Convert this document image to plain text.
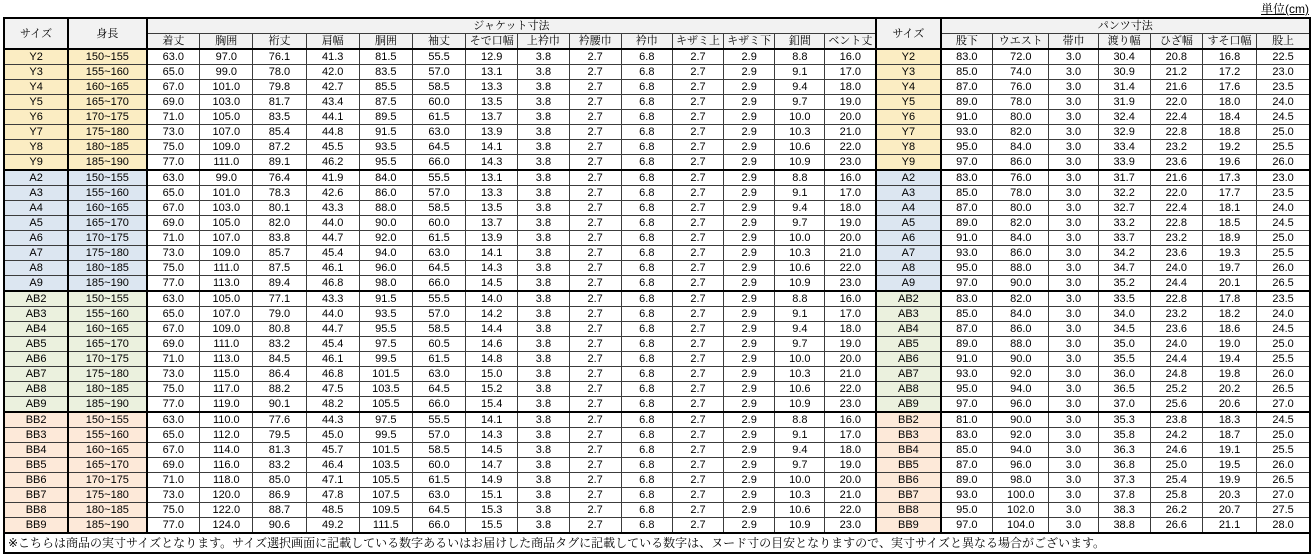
単位(cm)
サイズ	身長	ジャケット寸法														サイズ	パンツ寸法						
		着丈	胸囲	裄丈	肩幅	胴囲	袖丈	そで口幅	上衿巾	衿腰巾	衿巾	キザミ上	キザミ下	釦間	ベント丈		股下	ウエスト	帯巾	渡り幅	ひざ幅	すそ口幅	股上
Y2	150~155	63.0	97.0	76.1	41.3	81.5	55.5	12.9	3.8	2.7	6.8	2.7	2.9	8.8	16.0	Y2	83.0	72.0	3.0	30.4	20.8	16.8	22.5
Y3	155~160	65.0	99.0	78.0	42.0	83.5	57.0	13.1	3.8	2.7	6.8	2.7	2.9	9.1	17.0	Y3	85.0	74.0	3.0	30.9	21.2	17.2	23.0
Y4	160~165	67.0	101.0	79.8	42.7	85.5	58.5	13.3	3.8	2.7	6.8	2.7	2.9	9.4	18.0	Y4	87.0	76.0	3.0	31.4	21.6	17.6	23.5
Y5	165~170	69.0	103.0	81.7	43.4	87.5	60.0	13.5	3.8	2.7	6.8	2.7	2.9	9.7	19.0	Y5	89.0	78.0	3.0	31.9	22.0	18.0	24.0
Y6	170~175	71.0	105.0	83.5	44.1	89.5	61.5	13.7	3.8	2.7	6.8	2.7	2.9	10.0	20.0	Y6	91.0	80.0	3.0	32.4	22.4	18.4	24.5
Y7	175~180	73.0	107.0	85.4	44.8	91.5	63.0	13.9	3.8	2.7	6.8	2.7	2.9	10.3	21.0	Y7	93.0	82.0	3.0	32.9	22.8	18.8	25.0
Y8	180~185	75.0	109.0	87.2	45.5	93.5	64.5	14.1	3.8	2.7	6.8	2.7	2.9	10.6	22.0	Y8	95.0	84.0	3.0	33.4	23.2	19.2	25.5
Y9	185~190	77.0	111.0	89.1	46.2	95.5	66.0	14.3	3.8	2.7	6.8	2.7	2.9	10.9	23.0	Y9	97.0	86.0	3.0	33.9	23.6	19.6	26.0
A2	150~155	63.0	99.0	76.4	41.9	84.0	55.5	13.1	3.8	2.7	6.8	2.7	2.9	8.8	16.0	A2	83.0	76.0	3.0	31.7	21.6	17.3	23.0
A3	155~160	65.0	101.0	78.3	42.6	86.0	57.0	13.3	3.8	2.7	6.8	2.7	2.9	9.1	17.0	A3	85.0	78.0	3.0	32.2	22.0	17.7	23.5
A4	160~165	67.0	103.0	80.1	43.3	88.0	58.5	13.5	3.8	2.7	6.8	2.7	2.9	9.4	18.0	A4	87.0	80.0	3.0	32.7	22.4	18.1	24.0
A5	165~170	69.0	105.0	82.0	44.0	90.0	60.0	13.7	3.8	2.7	6.8	2.7	2.9	9.7	19.0	A5	89.0	82.0	3.0	33.2	22.8	18.5	24.5
A6	170~175	71.0	107.0	83.8	44.7	92.0	61.5	13.9	3.8	2.7	6.8	2.7	2.9	10.0	20.0	A6	91.0	84.0	3.0	33.7	23.2	18.9	25.0
A7	175~180	73.0	109.0	85.7	45.4	94.0	63.0	14.1	3.8	2.7	6.8	2.7	2.9	10.3	21.0	A7	93.0	86.0	3.0	34.2	23.6	19.3	25.5
A8	180~185	75.0	111.0	87.5	46.1	96.0	64.5	14.3	3.8	2.7	6.8	2.7	2.9	10.6	22.0	A8	95.0	88.0	3.0	34.7	24.0	19.7	26.0
A9	185~190	77.0	113.0	89.4	46.8	98.0	66.0	14.5	3.8	2.7	6.8	2.7	2.9	10.9	23.0	A9	97.0	90.0	3.0	35.2	24.4	20.1	26.5
AB2	150~155	63.0	105.0	77.1	43.3	91.5	55.5	14.0	3.8	2.7	6.8	2.7	2.9	8.8	16.0	AB2	83.0	82.0	3.0	33.5	22.8	17.8	23.5
AB3	155~160	65.0	107.0	79.0	44.0	93.5	57.0	14.2	3.8	2.7	6.8	2.7	2.9	9.1	17.0	AB3	85.0	84.0	3.0	34.0	23.2	18.2	24.0
AB4	160~165	67.0	109.0	80.8	44.7	95.5	58.5	14.4	3.8	2.7	6.8	2.7	2.9	9.4	18.0	AB4	87.0	86.0	3.0	34.5	23.6	18.6	24.5
AB5	165~170	69.0	111.0	83.2	45.4	97.5	60.5	14.6	3.8	2.7	6.8	2.7	2.9	9.7	19.0	AB5	89.0	88.0	3.0	35.0	24.0	19.0	25.0
AB6	170~175	71.0	113.0	84.5	46.1	99.5	61.5	14.8	3.8	2.7	6.8	2.7	2.9	10.0	20.0	AB6	91.0	90.0	3.0	35.5	24.4	19.4	25.5
AB7	175~180	73.0	115.0	86.4	46.8	101.5	63.0	15.0	3.8	2.7	6.8	2.7	2.9	10.3	21.0	AB7	93.0	92.0	3.0	36.0	24.8	19.8	26.0
AB8	180~185	75.0	117.0	88.2	47.5	103.5	64.5	15.2	3.8	2.7	6.8	2.7	2.9	10.6	22.0	AB8	95.0	94.0	3.0	36.5	25.2	20.2	26.5
AB9	185~190	77.0	119.0	90.1	48.2	105.5	66.0	15.4	3.8	2.7	6.8	2.7	2.9	10.9	23.0	AB9	97.0	96.0	3.0	37.0	25.6	20.6	27.0
BB2	150~155	63.0	110.0	77.6	44.3	97.5	55.5	14.1	3.8	2.7	6.8	2.7	2.9	8.8	16.0	BB2	81.0	90.0	3.0	35.3	23.8	18.3	24.5
BB3	155~160	65.0	112.0	79.5	45.0	99.5	57.0	14.3	3.8	2.7	6.8	2.7	2.9	9.1	17.0	BB3	83.0	92.0	3.0	35.8	24.2	18.7	25.0
BB4	160~165	67.0	114.0	81.3	45.7	101.5	58.5	14.5	3.8	2.7	6.8	2.7	2.9	9.4	18.0	BB4	85.0	94.0	3.0	36.3	24.6	19.1	25.5
BB5	165~170	69.0	116.0	83.2	46.4	103.5	60.0	14.7	3.8	2.7	6.8	2.7	2.9	9.7	19.0	BB5	87.0	96.0	3.0	36.8	25.0	19.5	26.0
BB6	170~175	71.0	118.0	85.0	47.1	105.5	61.5	14.9	3.8	2.7	6.8	2.7	2.9	10.0	20.0	BB6	89.0	98.0	3.0	37.3	25.4	19.9	26.5
BB7	175~180	73.0	120.0	86.9	47.8	107.5	63.0	15.1	3.8	2.7	6.8	2.7	2.9	10.3	21.0	BB7	93.0	100.0	3.0	37.8	25.8	20.3	27.0
BB8	180~185	75.0	122.0	88.7	48.5	109.5	64.5	15.3	3.8	2.7	6.8	2.7	2.9	10.6	22.0	BB8	95.0	102.0	3.0	38.3	26.2	20.7	27.5
BB9	185~190	77.0	124.0	90.6	49.2	111.5	66.0	15.5	3.8	2.7	6.8	2.7	2.9	10.9	23.0	BB9	97.0	104.0	3.0	38.8	26.6	21.1	28.0
※こちらは商品の実寸サイズとなります。サイズ選択画面に記載している数字あるいはお届けした商品タグに記載している数字は、ヌード寸の目安となりますので、実寸サイズと異なる場合がございます。
